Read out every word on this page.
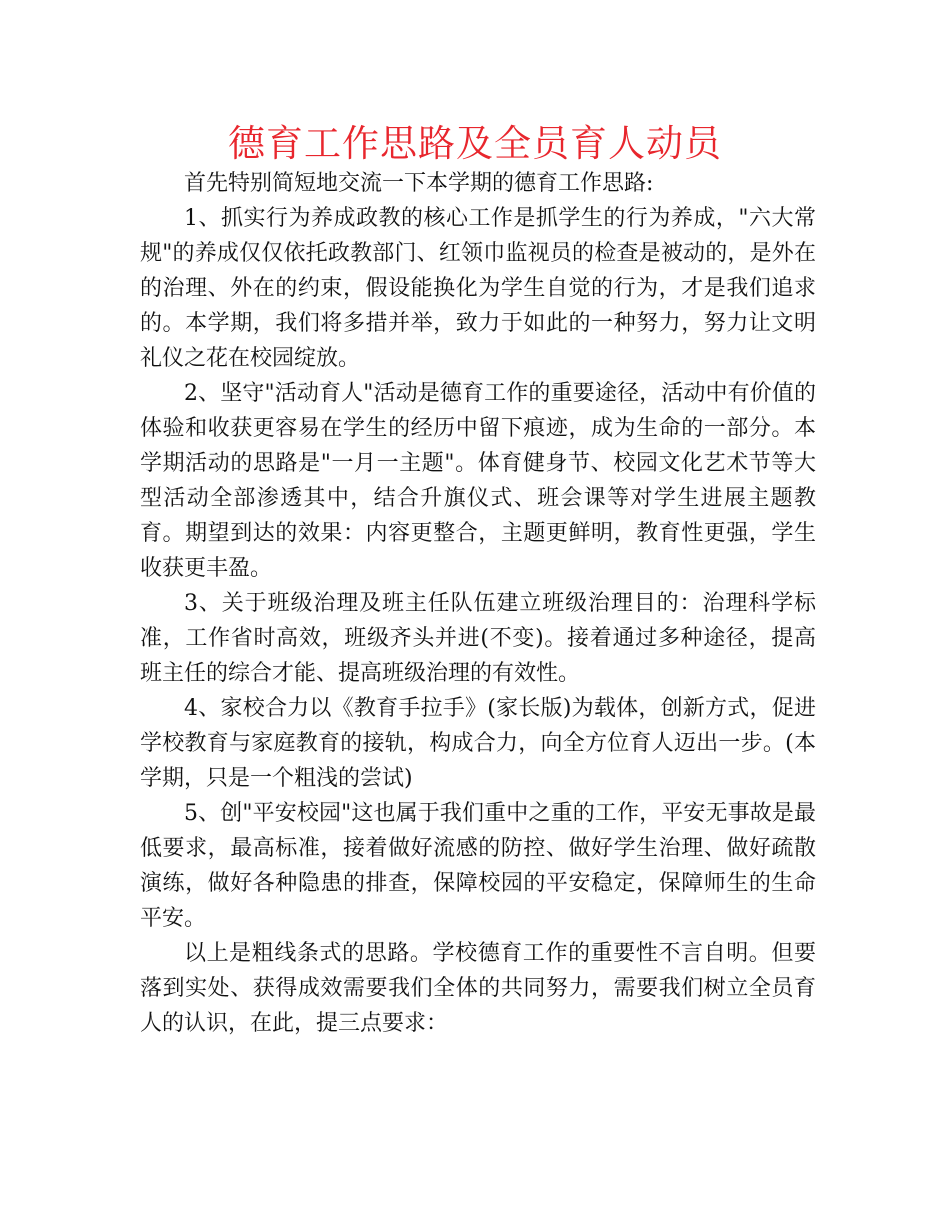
德育工作思路及全员育人动员

首先特别简短地交流一下本学期的德育工作思路:

1、抓实行为养成政教的核心工作是抓学生的行为养成，"六大常规"的养成仅仅依托政教部门、红领巾监视员的检查是被动的，是外在的治理、外在的约束，假设能换化为学生自觉的行为，才是我们追求的。本学期，我们将多措并举，致力于如此的一种努力，努力让文明礼仪之花在校园绽放。

2、坚守"活动育人"活动是德育工作的重要途径，活动中有价值的体验和收获更容易在学生的经历中留下痕迹，成为生命的一部分。本学期活动的思路是"一月一主题"。体育健身节、校园文化艺术节等大型活动全部渗透其中，结合升旗仪式、班会课等对学生进展主题教育。期望到达的效果：内容更整合，主题更鲜明，教育性更强，学生收获更丰盈。

3、关于班级治理及班主任队伍建立班级治理目的：治理科学标准，工作省时高效，班级齐头并进(不变)。接着通过多种途径，提高班主任的综合才能、提高班级治理的有效性。

4、家校合力以《教育手拉手》(家长版)为载体，创新方式，促进学校教育与家庭教育的接轨，构成合力，向全方位育人迈出一步。(本学期，只是一个粗浅的尝试)

5、创"平安校园"这也属于我们重中之重的工作，平安无事故是最低要求，最高标准，接着做好流感的防控、做好学生治理、做好疏散演练，做好各种隐患的排查，保障校园的平安稳定，保障师生的生命平安。

以上是粗线条式的思路。学校德育工作的重要性不言自明。但要落到实处、获得成效需要我们全体的共同努力，需要我们树立全员育人的认识，在此，提三点要求：
